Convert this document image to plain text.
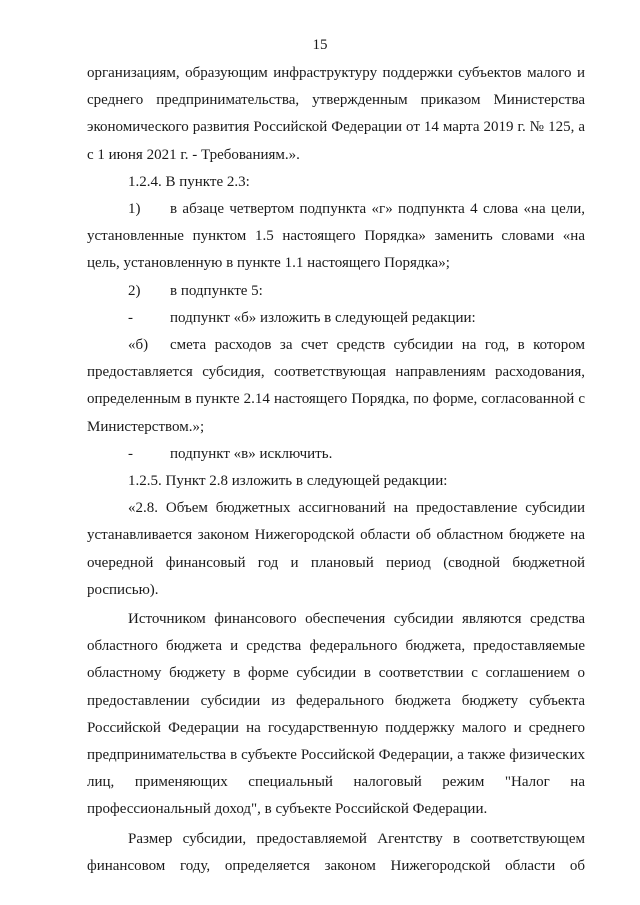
15

организациям, образующим инфраструктуру поддержки субъектов малого и среднего предпринимательства, утвержденным приказом Министерства экономического развития Российской Федерации от 14 марта 2019 г. № 125, а с 1 июня 2021 г. - Требованиям.».

1.2.4. В пункте 2.3:

1)	в абзаце четвертом подпункта «г» подпункта 4 слова «на цели,

установленные пунктом 1.5 настоящего Порядка» заменить словами «на цель, установленную в пункте 1.1 настоящего Порядка»;

2)	в подпункте 5:
-	подпункт «б» изложить в следующей редакции:
«б)	смета расходов за счет средств субсидии на год, в котором

предоставляется субсидия, соответствующая направлениям расходования, определенным в пункте 2.14 настоящего Порядка, по форме, согласованной с Министерством.»;

-	подпункт «в» исключить.

1.2.5. Пункт 2.8 изложить в следующей редакции:

«2.8. Объем бюджетных ассигнований на предоставление субсидии устанавливается законом Нижегородской области об областном бюджете на очередной финансовый год и плановый период (сводной бюджетной росписью).

Источником финансового обеспечения субсидии являются средства областного бюджета и средства федерального бюджета, предоставляемые областному бюджету в форме субсидии в соответствии с соглашением о предоставлении субсидии из федерального бюджета бюджету субъекта Российской Федерации на государственную поддержку малого и среднего предпринимательства в субъекте Российской Федерации, а также физических лиц, применяющих специальный налоговый режим "Налог на профессиональный доход", в субъекте Российской Федерации.

Размер субсидии, предоставляемой Агентству в соответствующем финансовом году, определяется законом Нижегородской области об
